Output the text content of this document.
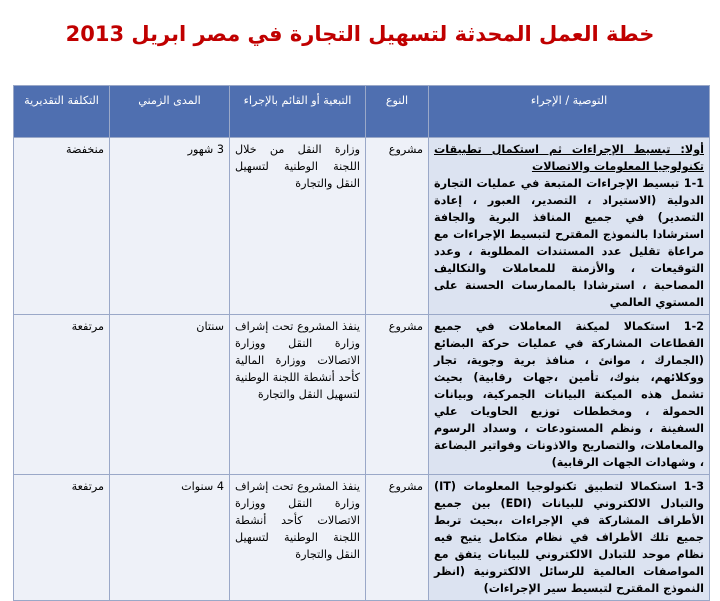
خطة العمل المحدثة لتسهيل التجارة في مصر ابريل 2013
التوصية / الإجراء	النوع	التبعية أو القائم بالإجراء	المدى الزمني	التكلفة التقديرية

أولا: تبسيط الإجراءات ثم استكمال تطبيقات تكنولوجيا المعلومات والاتصالات
1-1 تبسيط الإجراءات المتبعة في عمليات التجارة الدولية (الاستيراد ، التصدير، العبور ، إعادة التصدير) في جميع المنافذ البرية والجافة استرشادا بالنموذج المقترح لتبسيط الإجراءات مع مراعاة تقليل عدد المستندات المطلوبة ، وعدد التوقيعات ، والأزمنة للمعاملات والتكاليف المصاحبة ، استرشادا بالممارسات الحسنة على المستوي العالمي	مشروع	وزارة النقل من خلال اللجنة الوطنية لتسهيل النقل والتجارة	3 شهور	منخفضة

1-2 استكمالا لميكنة المعاملات في جميع القطاعات المشاركة في عمليات حركة البضائع (الجمارك ، موانئ ، منافذ برية وجوية، تجار ووكلائهم، بنوك، تأمين ،جهات رقابية) بحيث تشمل هذه الميكنة البيانات الجمركية، وبيانات الحمولة ، ومخططات توزيع الحاويات علي السفينة ، ونظم المستودعات ، وسداد الرسوم والمعاملات، والتصاريح والاذونات وفواتير البضاعة ، وشهادات الجهات الرقابية)	مشروع	ينفذ المشروع تحت إشراف وزارة النقل ووزارة الاتصالات ووزارة المالية كأحد أنشطة اللجنة الوطنية لتسهيل النقل والتجارة	سنتان	مرتفعة

1-3 استكمالا لتطبيق تكنولوجيا المعلومات (IT) والتبادل الالكتروني للبيانات (EDI) بين جميع الأطراف المشاركة في الإجراءات ،بحيث تربط جميع تلك الأطراف في نظام متكامل يتيح فيه نظام موحد للتبادل الالكتروني للبيانات يتفق مع المواصفات العالمية للرسائل الالكترونية (انظر النموذج المقترح لتبسيط سير الإجراءات)	مشروع	ينفذ المشروع تحت إشراف وزارة النقل ووزارة الاتصالات كأحد أنشطة اللجنة الوطنية لتسهيل النقل والتجارة	4 سنوات	مرتفعة
